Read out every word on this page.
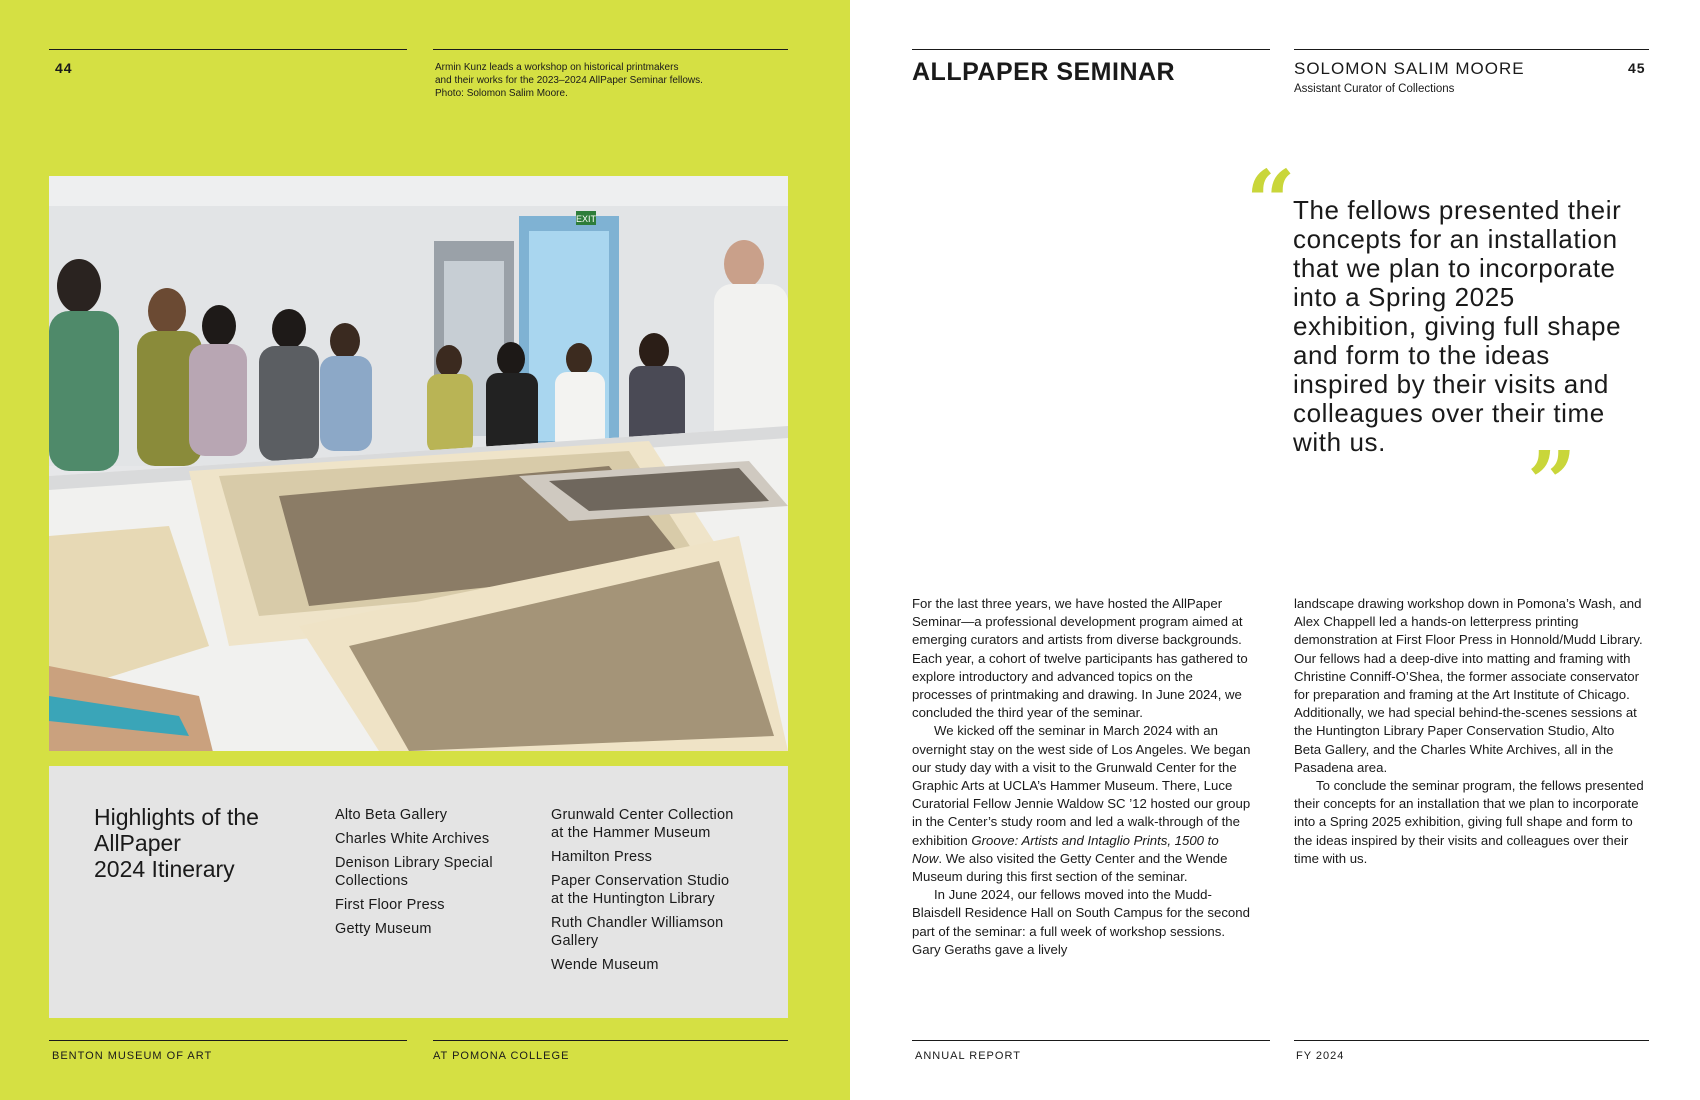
44	Armin Kunz leads a workshop on historical printmakers
and their works for the 2023–2024 AllPaper Seminar fellows.
Photo: Solomon Salim Moore.
EXIT
Highlights of the
AllPaper
2024 Itinerary
Alto Beta Gallery
Charles White Archives
Denison Library Special
Collections
First Floor Press
Getty Museum
Grunwald Center Collection
at the Hammer Museum
Hamilton Press
Paper Conservation Studio
at the Huntington Library
Ruth Chandler Williamson
Gallery
Wende Museum
BENTON MUSEUM OF ART	AT POMONA COLLEGE
ALLPAPER SEMINAR	SOLOMON SALIM MOORE
Assistant Curator of Collections
45
“
The fellows presented their concepts for an installation that we plan to incorporate into a Spring 2025 exhibition, giving full shape and form to the ideas inspired by their visits and colleagues over their time with us.	”

For the last three years, we have hosted the AllPaper Seminar—a professional development program aimed at emerging curators and artists from diverse backgrounds. Each year, a cohort of twelve participants has gathered to explore introductory and advanced topics on the processes of printmaking and drawing. In June 2024, we concluded the third year of the seminar.

We kicked off the seminar in March 2024 with an overnight stay on the west side of Los Angeles. We began our study day with a visit to the Grunwald Center for the Graphic Arts at UCLA’s Hammer Museum. There, Luce Curatorial Fellow Jennie Waldow SC ’12 hosted our group in the Center’s study room and led a walk-through of the exhibition Groove: Artists and Intaglio Prints, 1500 to Now. We also visited the Getty Center and the Wende Museum during this first section of the seminar.

In June 2024, our fellows moved into the Mudd-Blaisdell Residence Hall on South Campus for the second part of the seminar: a full week of workshop sessions. Gary Geraths gave a lively

landscape drawing workshop down in Pomona’s Wash, and Alex Chappell led a hands-on letterpress printing demonstration at First Floor Press in Honnold/Mudd Library. Our fellows had a deep-dive into matting and framing with Christine Conniff-O’Shea, the former associate conservator for preparation and framing at the Art Institute of Chicago. Additionally, we had special behind-the-scenes sessions at the Huntington Library Paper Conservation Studio, Alto Beta Gallery, and the Charles White Archives, all in the Pasadena area.

To conclude the seminar program, the fellows presented their concepts for an installation that we plan to incorporate into a Spring 2025 exhibition, giving full shape and form to the ideas inspired by their visits and colleagues over their time with us.

ANNUAL REPORT	FY 2024
